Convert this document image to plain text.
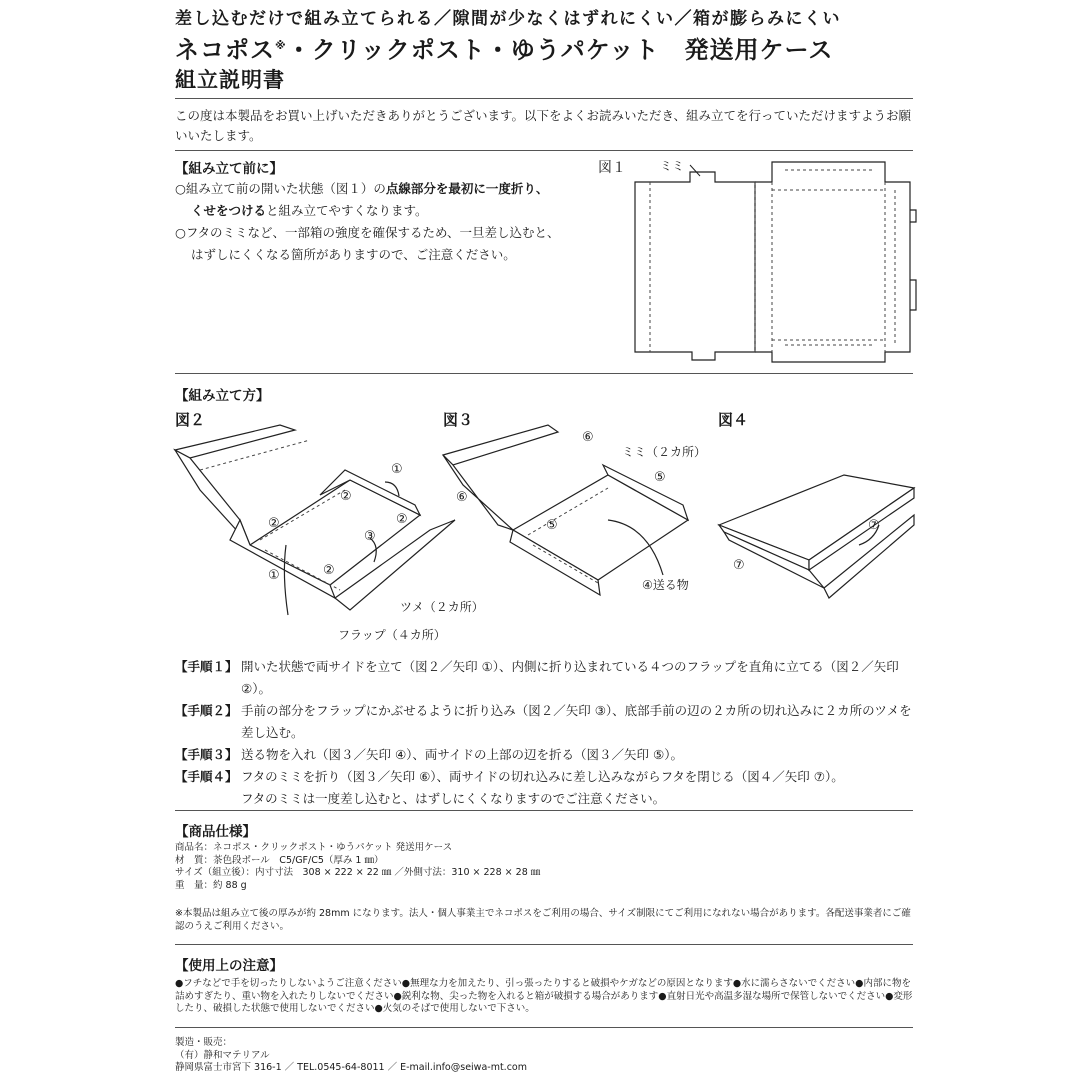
差し込むだけで組み立てられる／隙間が少なくはずれにくい／箱が膨らみにくい
ネコポス※・クリックポスト・ゆうパケット　発送用ケース
組立説明書
この度は本製品をお買い上げいただきありがとうございます。以下をよくお読みいただき、組み立てを行っていただけますようお願いいたします。
【組み立て前に】
○組み立て前の開いた状態（図１）の点線部分を最初に一度折り、
くせをつけると組み立てやすくなります。
○フタのミミなど、一部箱の強度を確保するため、一旦差し込むと、
はずしにくくなる箇所がありますので、ご注意ください。
図１	ミミ
【組み立て方】
図２	図３	図４
①
②
②	②
③
①	②
ツメ（２カ所）
フラップ（４カ所）
⑥
ミミ（２カ所）
⑤
⑥
⑤
④送る物
⑦
⑦
【手順１】 開いた状態で両サイドを立て（図２／矢印 ①）、内側に折り込まれている４つのフラップを直角に立てる（図２／矢印 ②）。
【手順２】 手前の部分をフラップにかぶせるように折り込み（図２／矢印 ③）、底部手前の辺の２カ所の切れ込みに２カ所のツメを差し込む。
【手順３】 送る物を入れ（図３／矢印 ④）、両サイドの上部の辺を折る（図３／矢印 ⑤）。
【手順４】 フタのミミを折り（図３／矢印 ⑥）、両サイドの切れ込みに差し込みながらフタを閉じる（図４／矢印 ⑦）。
フタのミミは一度差し込むと、はずしにくくなりますのでご注意ください。
【商品仕様】
商品名：ネコポス・クリックポスト・ゆうパケット 発送用ケース
材　質：茶色段ボール　C5/GF/C5（厚み 1 ㎜）
サイズ（組立後）：内寸寸法　308 × 222 × 22 ㎜ ／外側寸法：310 × 228 × 28 ㎜
重　量：約 88 g
※本製品は組み立て後の厚みが約 28mm になります。法人・個人事業主でネコポスをご利用の場合、サイズ制限にてご利用になれない場合があります。各配送事業者にご確認のうえご利用ください。
【使用上の注意】
●フチなどで手を切ったりしないようご注意ください●無理な力を加えたり、引っ張ったりすると破損やケガなどの原因となります●水に濡らさないでください●内部に物を詰めすぎたり、重い物を入れたりしないでください●鋭利な物、尖った物を入れると箱が破損する場合があります●直射日光や高温多湿な場所で保管しないでください●変形したり、破損した状態で使用しないでください●火気のそばで使用しないで下さい。
製造・販売：
（有）静和マテリアル
静岡県富士市宮下 316-1 ／ TEL.0545-64-8011 ／ E-mail.info@seiwa-mt.com
